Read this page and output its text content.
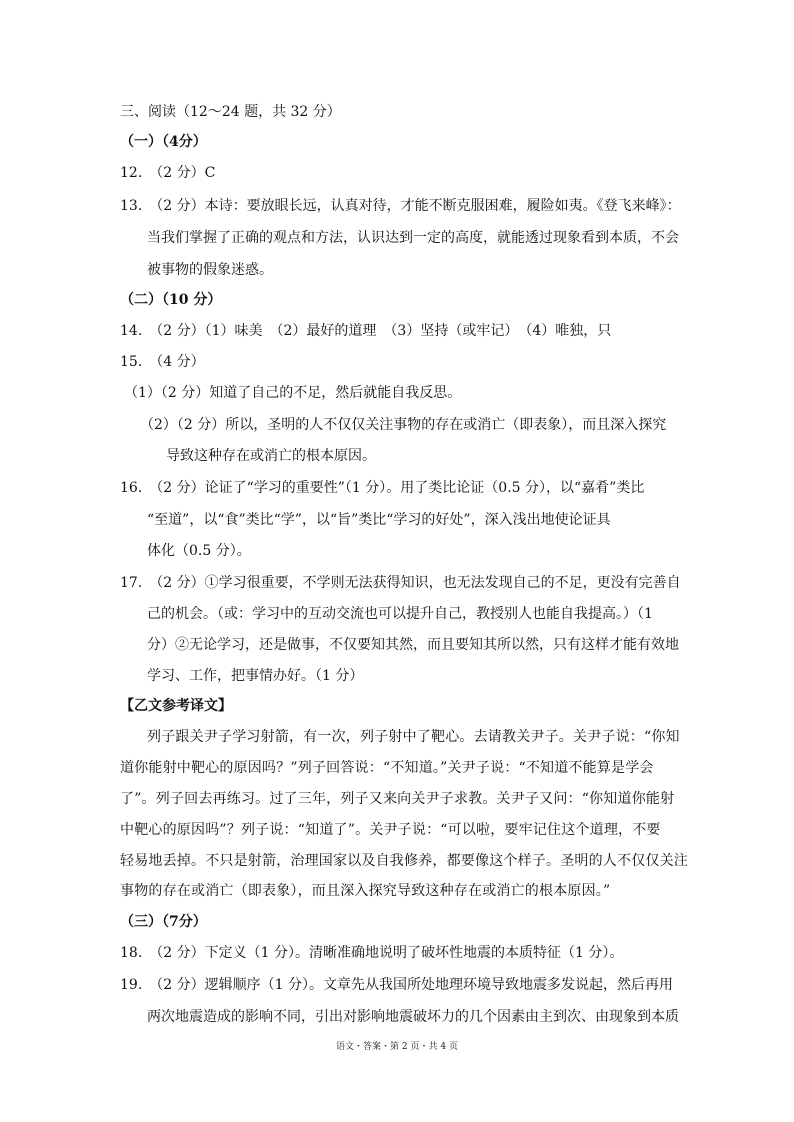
三、阅读（12～24 题，共 32 分）
（一）（4分）
12.　（2 分）C
13.　（2 分）本诗：要放眼长远，认真对待，才能不断克服困难，履险如夷。《登飞来峰》：
当我们掌握了正确的观点和方法，认识达到一定的高度，就能透过现象看到本质，不会
被事物的假象迷惑。
（二）（10 分）
14.　（2 分）（1）味美　（2）最好的道理　（3）坚持（或牢记）　（4）唯独，只
15.　（4 分）
（1）（2 分）知道了自己的不足，然后就能自我反思。
（2）（2 分）所以，圣明的人不仅仅关注事物的存在或消亡（即表象），而且深入探究
导致这种存在或消亡的根本原因。
16.　（2 分）论证了“学习的重要性”（1 分）。用了类比论证（0.5 分），以“嘉肴”类比
“至道”，以“食”类比“学”，以“旨”类比“学习的好处”，深入浅出地使论证具
体化（0.5 分）。
17.　（2 分）①学习很重要，不学则无法获得知识，也无法发现自己的不足，更没有完善自
己的机会。（或：学习中的互动交流也可以提升自己，教授别人也能自我提高。）（1
分）②无论学习，还是做事，不仅要知其然，而且要知其所以然，只有这样才能有效地
学习、工作，把事情办好。（1 分）
【乙文参考译文】
列子跟关尹子学习射箭，有一次，列子射中了靶心。去请教关尹子。关尹子说：“你知
道你能射中靶心的原因吗？”列子回答说：“不知道。”关尹子说：“不知道不能算是学会
了”。列子回去再练习。过了三年，列子又来向关尹子求教。关尹子又问：“你知道你能射
中靶心的原因吗”？列子说：“知道了”。关尹子说：“可以啦，要牢记住这个道理，不要
轻易地丢掉。不只是射箭，治理国家以及自我修养，都要像这个样子。圣明的人不仅仅关注
事物的存在或消亡（即表象），而且深入探究导致这种存在或消亡的根本原因。”
（三）（7分）
18.　（2 分）下定义（1 分）。清晰准确地说明了破坏性地震的本质特征（1 分）。
19.　（2 分）逻辑顺序（1 分）。文章先从我国所处地理环境导致地震多发说起，然后再用
两次地震造成的影响不同，引出对影响地震破坏力的几个因素由主到次、由现象到本质
语文・答案・第 2 页・共 4 页
